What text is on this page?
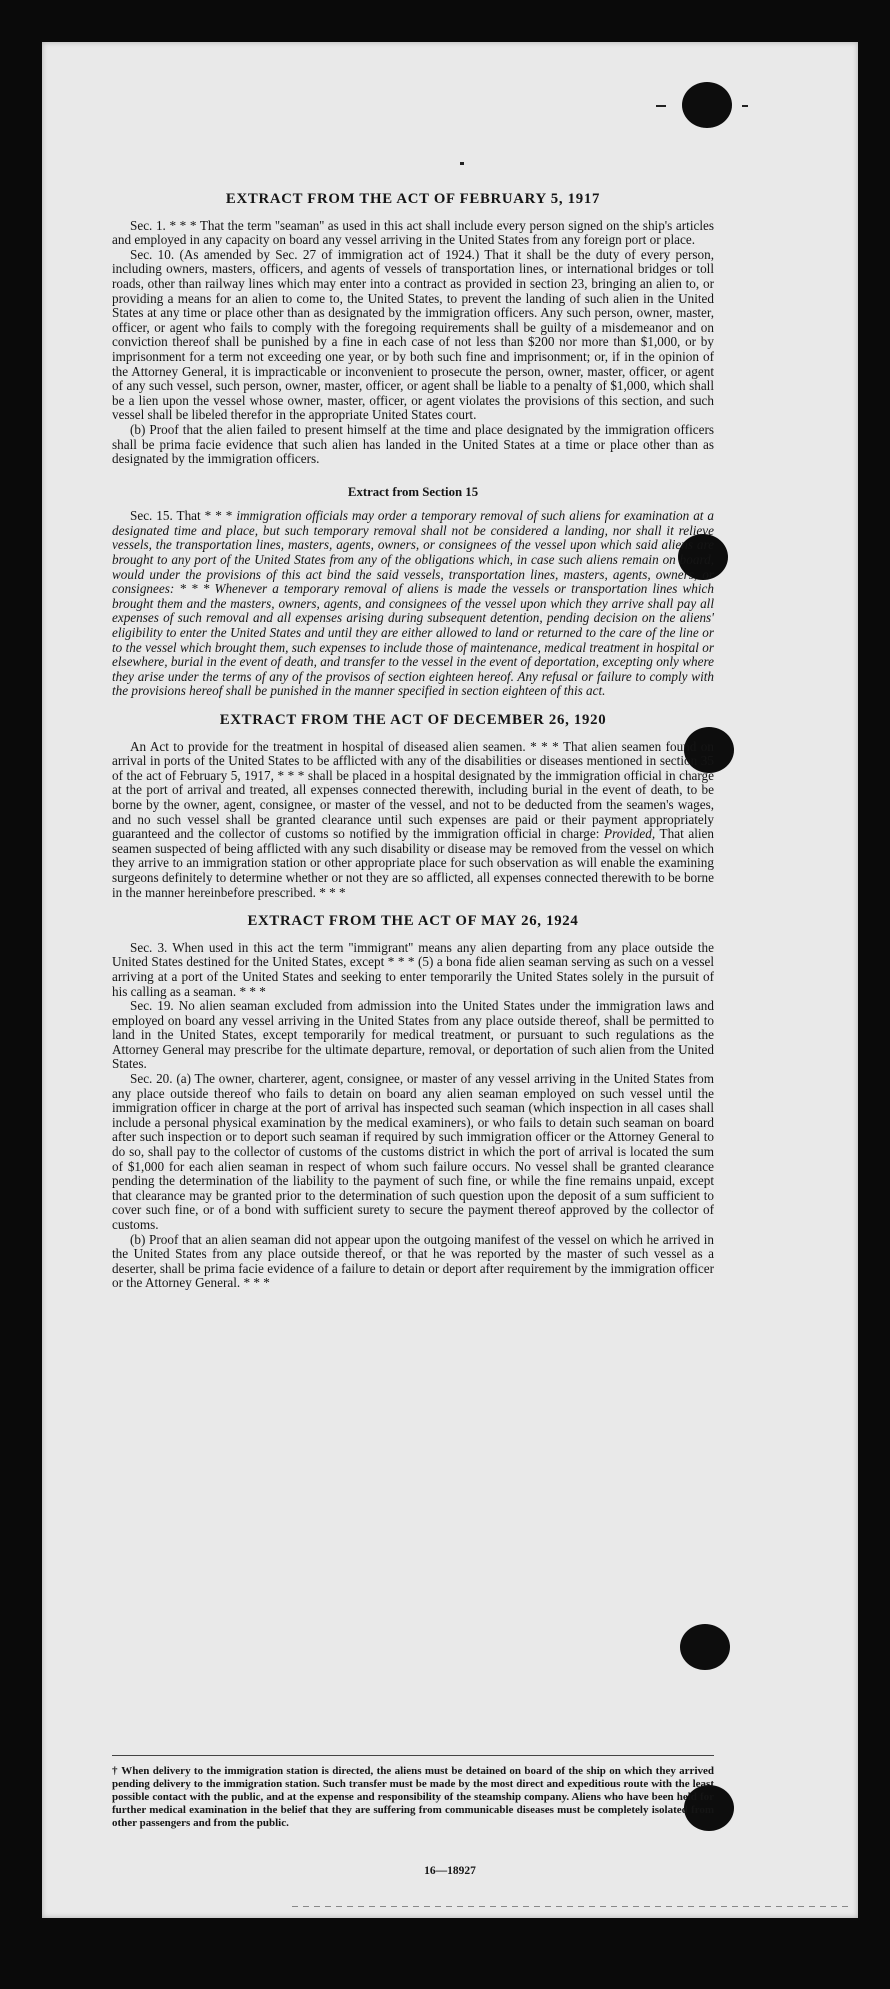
EXTRACT FROM THE ACT OF FEBRUARY 5, 1917

Sec. 1. * * * That the term ''seaman'' as used in this act shall include every person signed on the ship's articles and employed in any capacity on board any vessel arriving in the United States from any foreign port or place.

Sec. 10. (As amended by Sec. 27 of immigration act of 1924.) That it shall be the duty of every person, including owners, masters, officers, and agents of vessels of transportation lines, or international bridges or toll roads, other than railway lines which may enter into a contract as provided in section 23, bringing an alien to, or providing a means for an alien to come to, the United States, to prevent the landing of such alien in the United States at any time or place other than as designated by the immigration officers. Any such person, owner, master, officer, or agent who fails to comply with the foregoing requirements shall be guilty of a misdemeanor and on conviction thereof shall be punished by a fine in each case of not less than $200 nor more than $1,000, or by imprisonment for a term not exceeding one year, or by both such fine and imprisonment; or, if in the opinion of the Attorney General, it is impracticable or inconvenient to prosecute the person, owner, master, officer, or agent of any such vessel, such person, owner, master, officer, or agent shall be liable to a penalty of $1,000, which shall be a lien upon the vessel whose owner, master, officer, or agent violates the provisions of this section, and such vessel shall be libeled therefor in the appropriate United States court.

(b) Proof that the alien failed to present himself at the time and place designated by the immigration officers shall be prima facie evidence that such alien has landed in the United States at a time or place other than as designated by the immigration officers.

Extract from Section 15

Sec. 15. That * * * immigration officials may order a temporary removal of such aliens for examination at a designated time and place, but such temporary removal shall not be considered a landing, nor shall it relieve vessels, the transportation lines, masters, agents, owners, or consignees of the vessel upon which said aliens are brought to any port of the United States from any of the obligations which, in case such aliens remain on board, would under the provisions of this act bind the said vessels, transportation lines, masters, agents, owners, or consignees: * * * Whenever a temporary removal of aliens is made the vessels or transportation lines which brought them and the masters, owners, agents, and consignees of the vessel upon which they arrive shall pay all expenses of such removal and all expenses arising during subsequent detention, pending decision on the aliens' eligibility to enter the United States and until they are either allowed to land or returned to the care of the line or to the vessel which brought them, such expenses to include those of maintenance, medical treatment in hospital or elsewhere, burial in the event of death, and transfer to the vessel in the event of deportation, excepting only where they arise under the terms of any of the provisos of section eighteen hereof. Any refusal or failure to comply with the provisions hereof shall be punished in the manner specified in section eighteen of this act.

EXTRACT FROM THE ACT OF DECEMBER 26, 1920

An Act to provide for the treatment in hospital of diseased alien seamen. * * * That alien seamen found on arrival in ports of the United States to be afflicted with any of the disabilities or diseases mentioned in section 35 of the act of February 5, 1917, * * * shall be placed in a hospital designated by the immigration official in charge at the port of arrival and treated, all expenses connected therewith, including burial in the event of death, to be borne by the owner, agent, consignee, or master of the vessel, and not to be deducted from the seamen's wages, and no such vessel shall be granted clearance until such expenses are paid or their payment appropriately guaranteed and the collector of customs so notified by the immigration official in charge: Provided, That alien seamen suspected of being afflicted with any such disability or disease may be removed from the vessel on which they arrive to an immigration station or other appropriate place for such observation as will enable the examining surgeons definitely to determine whether or not they are so afflicted, all expenses connected therewith to be borne in the manner hereinbefore prescribed. * * *

EXTRACT FROM THE ACT OF MAY 26, 1924

Sec. 3. When used in this act the term ''immigrant'' means any alien departing from any place outside the United States destined for the United States, except * * * (5) a bona fide alien seaman serving as such on a vessel arriving at a port of the United States and seeking to enter temporarily the United States solely in the pursuit of his calling as a seaman. * * *

Sec. 19. No alien seaman excluded from admission into the United States under the immigration laws and employed on board any vessel arriving in the United States from any place outside thereof, shall be permitted to land in the United States, except temporarily for medical treatment, or pursuant to such regulations as the Attorney General may prescribe for the ultimate departure, removal, or deportation of such alien from the United States.

Sec. 20. (a) The owner, charterer, agent, consignee, or master of any vessel arriving in the United States from any place outside thereof who fails to detain on board any alien seaman employed on such vessel until the immigration officer in charge at the port of arrival has inspected such seaman (which inspection in all cases shall include a personal physical examination by the medical examiners), or who fails to detain such seaman on board after such inspection or to deport such seaman if required by such immigration officer or the Attorney General to do so, shall pay to the collector of customs of the customs district in which the port of arrival is located the sum of $1,000 for each alien seaman in respect of whom such failure occurs. No vessel shall be granted clearance pending the determination of the liability to the payment of such fine, or while the fine remains unpaid, except that clearance may be granted prior to the determination of such question upon the deposit of a sum sufficient to cover such fine, or of a bond with sufficient surety to secure the payment thereof approved by the collector of customs.

(b) Proof that an alien seaman did not appear upon the outgoing manifest of the vessel on which he arrived in the United States from any place outside thereof, or that he was reported by the master of such vessel as a deserter, shall be prima facie evidence of a failure to detain or deport after requirement by the immigration officer or the Attorney General. * * *

† When delivery to the immigration station is directed, the aliens must be detained on board of the ship on which they arrived pending delivery to the immigration station. Such transfer must be made by the most direct and expeditious route with the least possible contact with the public, and at the expense and responsibility of the steamship company. Aliens who have been held for further medical examination in the belief that they are suffering from communicable diseases must be completely isolated from other passengers and from the public.
16—18927
